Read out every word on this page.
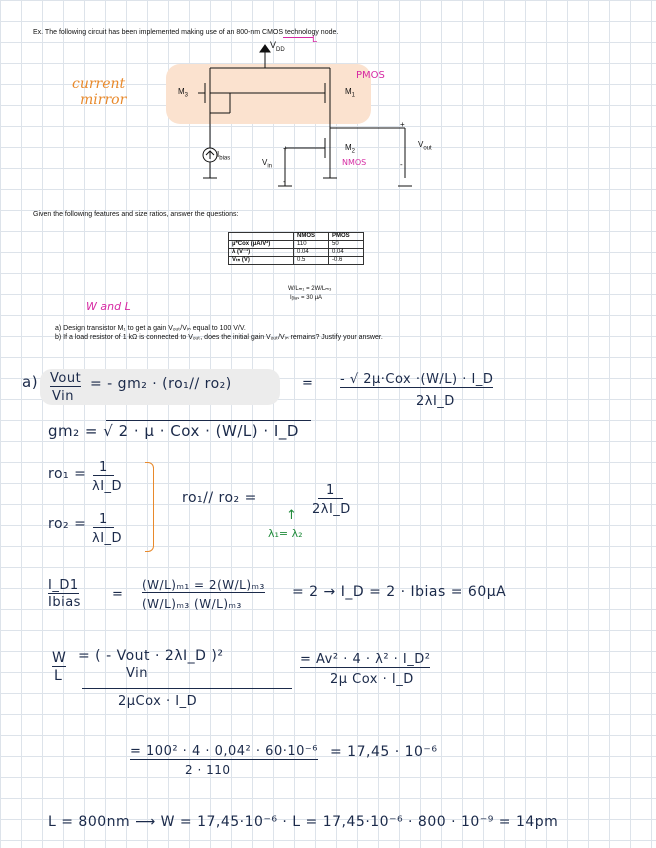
Ex. The following circuit has been implemented making use of an 800-nm CMOS technology node.
L
$V_{DD}$
$M_3$	$M_1$
$M_2$
$I_{bias}$	$V_{in}$
+
-
$V_{out}$
+
-
current
mirror
PMOS
NMOS
Given the following features and size ratios, answer the questions:
	NMOS	PMOS
µ*Cox (µA/V²)	110	50
λ (V⁻¹)	0.04	0.04
Vₜₙ (V)	0.5	-0.6
W/Lₘ₁ = 2W/Lₘ₃
Iᵦᵢₐₛ = 30 µA
W and L
a) Design transistor M₁ to get a gain Vₒᵤₜ/Vᵢₙ equal to 100 V/V.
b) If a load resistor of 1 kΩ is connected to Vₒᵤₜ, does the initial gain Vₒᵤₜ/Vᵢₙ remains? Justify your answer.
a) Vout
Vin
= - gm₂ · (ro₁// ro₂)	= - √ 2µ·Cox ·(W/L) · I_D
2λI_D
gm₂ = √ 2 · µ · Cox · (W/L) · I_D
ro₁ = 1
λI_D
ro₂ = 1
λI_D
ro₁// ro₂ =	1
2λI_D
↑
λ₁= λ₂
I_D1
Ibias
=
(W/L)ₘ₁ = 2(W/L)ₘ₃
(W/L)ₘ₃ (W/L)ₘ₃
= 2 → I_D = 2 · Ibias = 60µA
W
L
= ( - Vout · 2λI_D )²
Vin
2µCox · I_D
= Av² · 4 · λ² · I_D²
2µ Cox · I_D
= 100² · 4 · 0,04² · 60·10⁻⁶
2 · 110
= 17,45 · 10⁻⁶
L = 800nm ⟶ W = 17,45·10⁻⁶ · L = 17,45·10⁻⁶ · 800 · 10⁻⁹ = 14pm
